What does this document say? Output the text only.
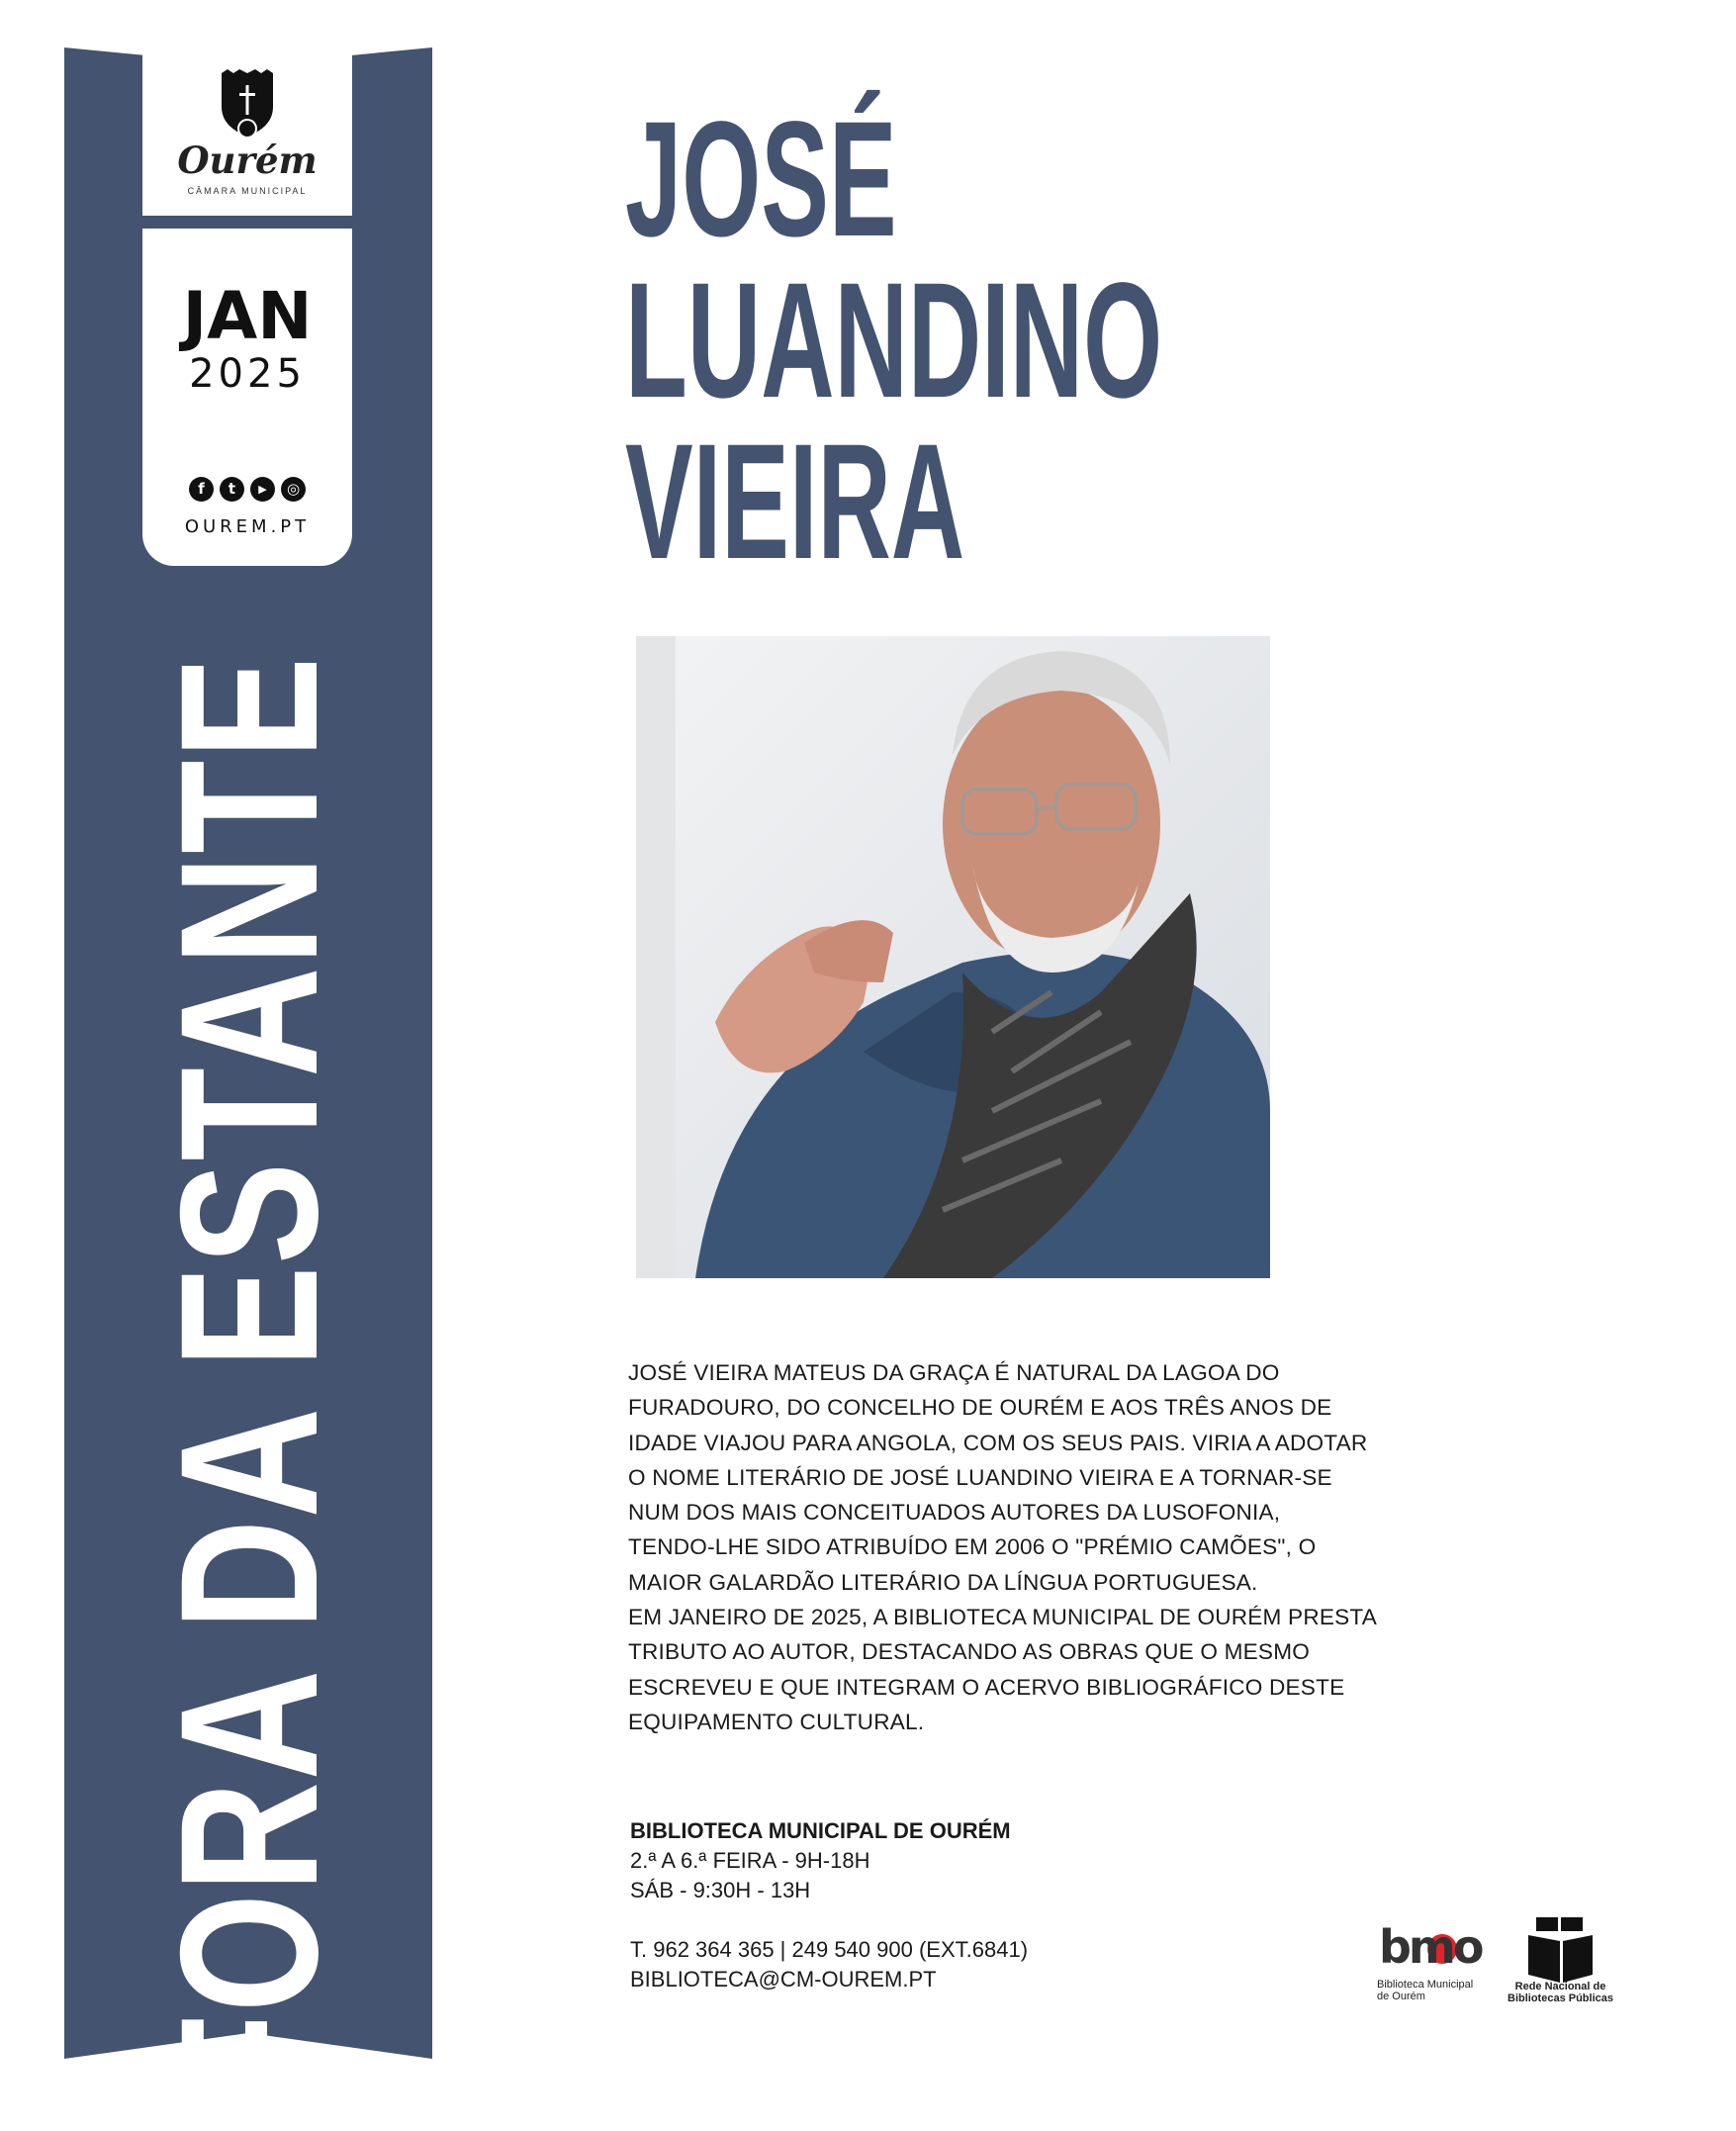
Ourém
CÂMARA MUNICIPAL
JAN
2025
f	t	▶	◎
OUREM.PT
FORA DA ESTANTE
JOSÉ
LUANDINO
VIEIRA

JOSÉ VIEIRA MATEUS DA GRAÇA É NATURAL DA LAGOA DO

FURADOURO, DO CONCELHO DE OURÉM E AOS TRÊS ANOS DE

IDADE VIAJOU PARA ANGOLA, COM OS SEUS PAIS. VIRIA A ADOTAR

O NOME LITERÁRIO DE JOSÉ LUANDINO VIEIRA E A TORNAR-SE

NUM DOS MAIS CONCEITUADOS AUTORES DA LUSOFONIA,

TENDO-LHE SIDO ATRIBUÍDO EM 2006 O "PRÉMIO CAMÕES", O

MAIOR GALARDÃO LITERÁRIO DA LÍNGUA PORTUGUESA.

EM JANEIRO DE 2025, A BIBLIOTECA MUNICIPAL DE OURÉM PRESTA

TRIBUTO AO AUTOR, DESTACANDO AS OBRAS QUE O MESMO

ESCREVEU E QUE INTEGRAM O ACERVO BIBLIOGRÁFICO DESTE

EQUIPAMENTO CULTURAL.

BIBLIOTECA MUNICIPAL DE OURÉM

2.ª A 6.ª FEIRA - 9H-18H

SÁB - 9:30H - 13H

T. 962 364 365 | 249 540 900 (EXT.6841)

BIBLIOTECA@CM-OUREM.PT

bmo
Biblioteca Municipal
de Ourém
Rede Nacional de
Bibliotecas Públicas
